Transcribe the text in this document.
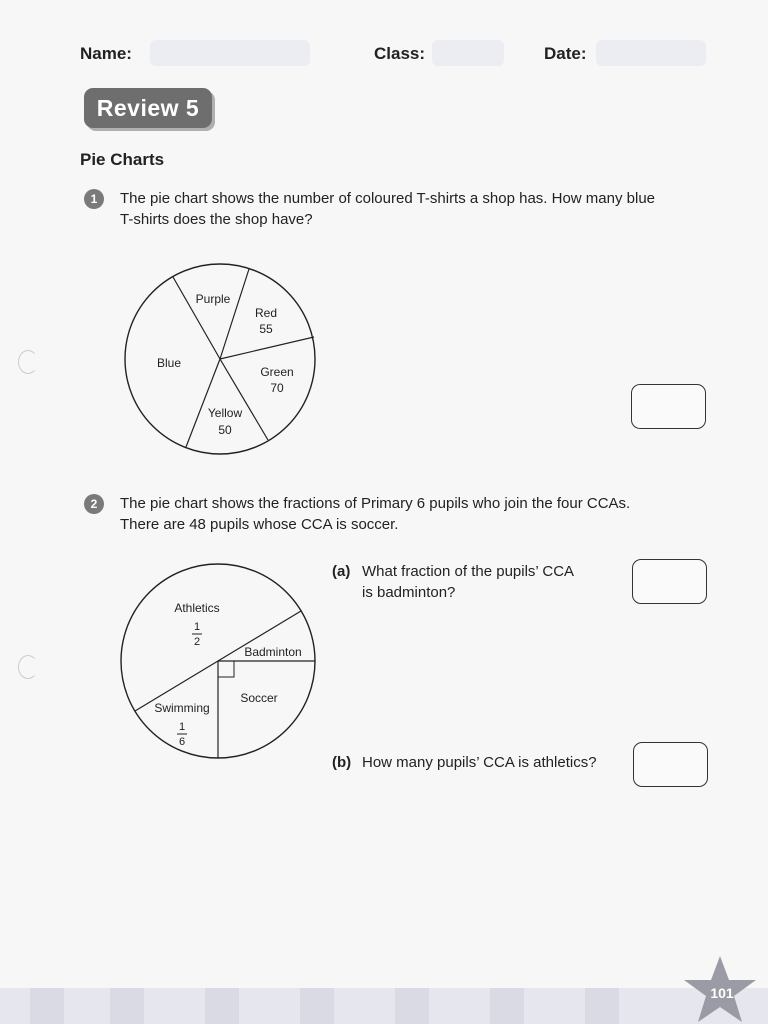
Name:	Class:	Date:
Review 5
Pie Charts
1	The pie chart shows the number of coloured T-shirts a shop has. How many blue
T-shirts does the shop have?
Purple
Red
55
Blue
Green
70
Yellow
50
2	The pie chart shows the fractions of Primary 6 pupils who join the four CCAs.
There are 48 pupils whose CCA is soccer.
Athletics
1
2
Badminton
Soccer
Swimming
1
6
(a) What fraction of the pupils’ CCA
is badminton?
(b) How many pupils’ CCA is athletics?
101
